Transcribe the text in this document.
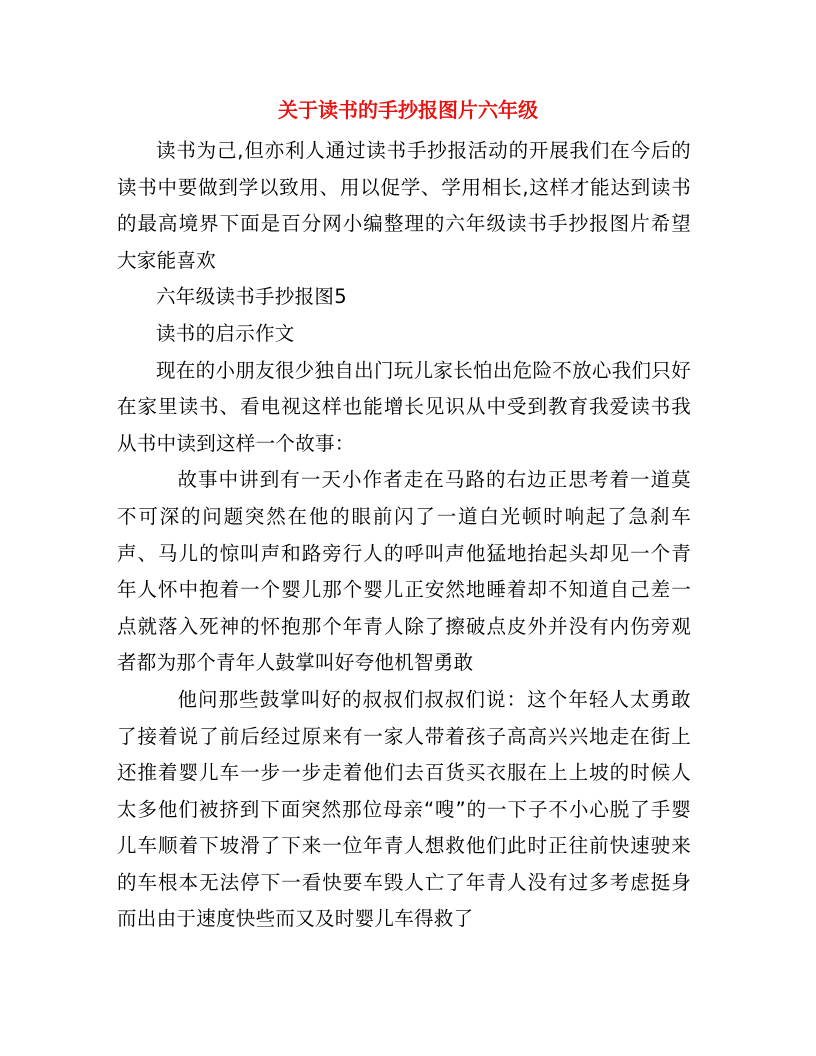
关于读书的手抄报图片六年级

读书为己,但亦利人通过读书手抄报活动的开展我们在今后的读书中要做到学以致用、用以促学、学用相长,这样才能达到读书的最高境界下面是百分网小编整理的六年级读书手抄报图片希望大家能喜欢

六年级读书手抄报图5

读书的启示作文

现在的小朋友很少独自出门玩儿家长怕出危险不放心我们只好在家里读书、看电视这样也能增长见识从中受到教育我爱读书我从书中读到这样一个故事：

故事中讲到有一天小作者走在马路的右边正思考着一道莫不可深的问题突然在他的眼前闪了一道白光顿时响起了急刹车声、马儿的惊叫声和路旁行人的呼叫声他猛地抬起头却见一个青年人怀中抱着一个婴儿那个婴儿正安然地睡着却不知道自己差一点就落入死神的怀抱那个年青人除了擦破点皮外并没有内伤旁观者都为那个青年人鼓掌叫好夸他机智勇敢

他问那些鼓掌叫好的叔叔们叔叔们说：这个年轻人太勇敢了接着说了前后经过原来有一家人带着孩子高高兴兴地走在街上还推着婴儿车一步一步走着他们去百货买衣服在上上坡的时候人太多他们被挤到下面突然那位母亲“嗖”的一下子不小心脱了手婴儿车顺着下坡滑了下来一位年青人想救他们此时正往前快速驶来的车根本无法停下一看快要车毁人亡了年青人没有过多考虑挺身而出由于速度快些而又及时婴儿车得救了
